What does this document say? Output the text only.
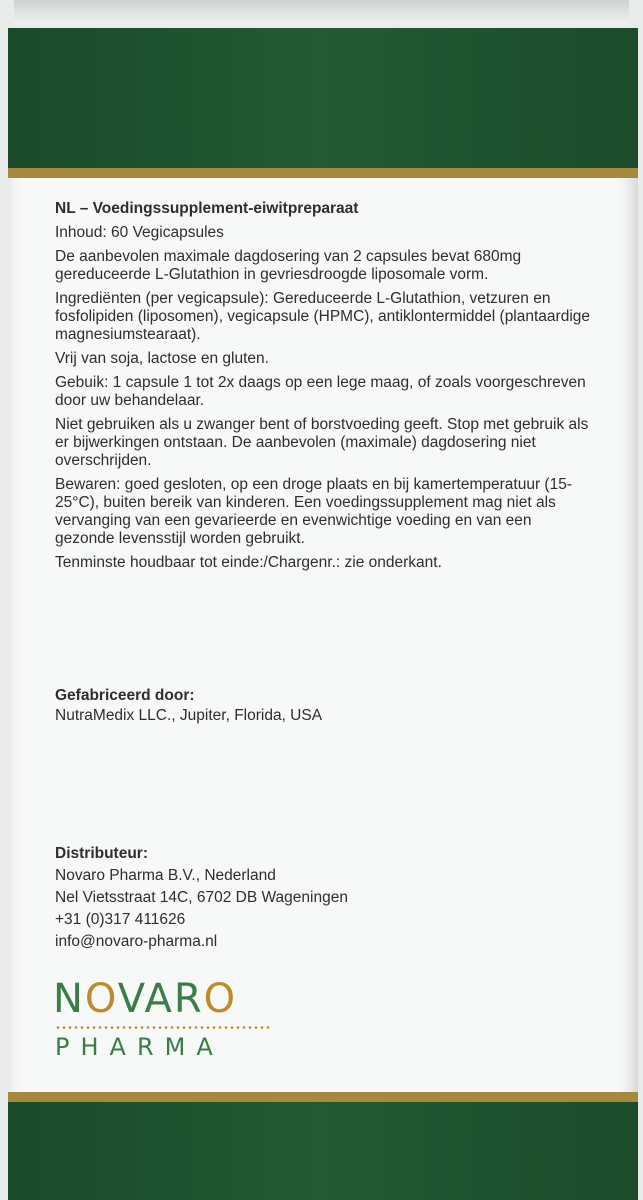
NL – Voedingssupplement-eiwitpreparaat

Inhoud: 60 Vegicapsules

De aanbevolen maximale dagdosering van 2 capsules bevat 680mg gereduceerde L-Glutathion in gevriesdroogde liposomale vorm.

Ingrediënten (per vegicapsule): Gereduceerde L-Glutathion, vetzuren en fosfolipiden (liposomen), vegicapsule (HPMC), antiklontermiddel (plantaardige magnesiumstearaat).

Vrij van soja, lactose en gluten.

Gebuik: 1 capsule 1 tot 2x daags op een lege maag, of zoals voorgeschreven door uw behandelaar.

Niet gebruiken als u zwanger bent of borstvoeding geeft. Stop met gebruik als er bijwerkingen ontstaan. De aanbevolen (maximale) dagdosering niet overschrijden.

Bewaren: goed gesloten, op een droge plaats en bij kamertemperatuur (15-25°C), buiten bereik van kinderen. Een voedingssupplement mag niet als vervanging van een gevarieerde en evenwichtige voeding en van een gezonde levensstijl worden gebruikt.

Tenminste houdbaar tot einde:/Chargenr.: zie onderkant.

Gefabriceerd door:
NutraMedix LLC., Jupiter, Florida, USA
Distributeur:
Novaro Pharma B.V., Nederland
Nel Vietsstraat 14C, 6702 DB Wageningen
+31 (0)317 411626
info@novaro-pharma.nl
NOVARO
PHARMA
